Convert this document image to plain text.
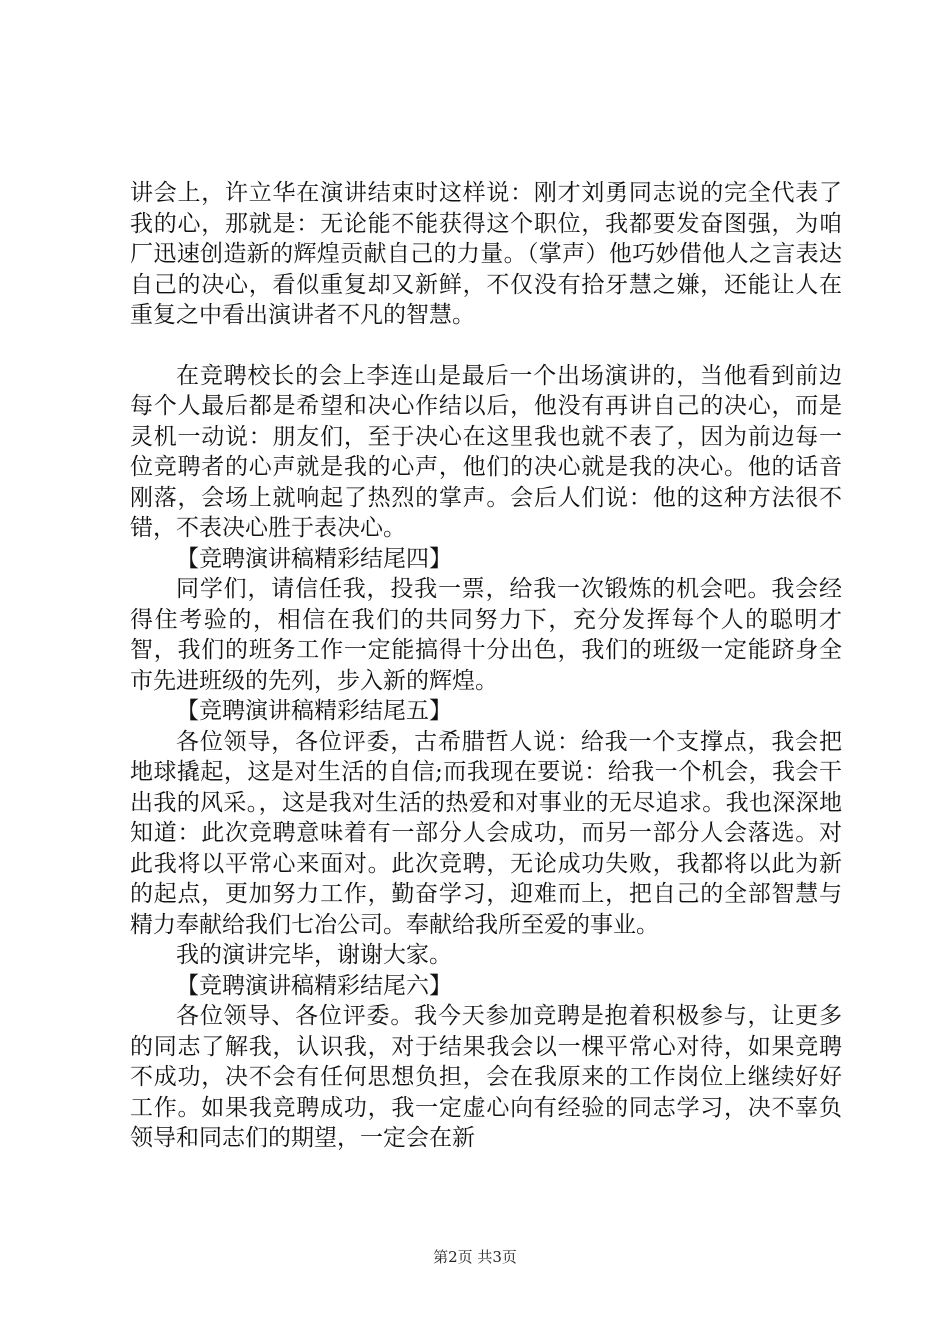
讲会上，许立华在演讲结束时这样说：刚才刘勇同志说的完全代表了我的心，那就是：无论能不能获得这个职位，我都要发奋图强，为咱厂迅速创造新的辉煌贡献自己的力量。（掌声）他巧妙借他人之言表达自己的决心，看似重复却又新鲜，不仅没有拾牙慧之嫌，还能让人在重复之中看出演讲者不凡的智慧。

在竞聘校长的会上李连山是最后一个出场演讲的，当他看到前边每个人最后都是希望和决心作结以后，他没有再讲自己的决心，而是灵机一动说：朋友们，至于决心在这里我也就不表了，因为前边每一位竞聘者的心声就是我的心声，他们的决心就是我的决心。他的话音刚落，会场上就响起了热烈的掌声。会后人们说：他的这种方法很不错，不表决心胜于表决心。

【竞聘演讲稿精彩结尾四】

同学们，请信任我，投我一票，给我一次锻炼的机会吧。我会经得住考验的，相信在我们的共同努力下，充分发挥每个人的聪明才智，我们的班务工作一定能搞得十分出色，我们的班级一定能跻身全市先进班级的先列，步入新的辉煌。

【竞聘演讲稿精彩结尾五】

各位领导，各位评委，古希腊哲人说：给我一个支撑点，我会把地球撬起，这是对生活的自信;而我现在要说：给我一个机会，我会干出我的风采。，这是我对生活的热爱和对事业的无尽追求。我也深深地知道：此次竞聘意味着有一部分人会成功，而另一部分人会落选。对此我将以平常心来面对。此次竞聘，无论成功失败，我都将以此为新的起点，更加努力工作，勤奋学习，迎难而上，把自己的全部智慧与精力奉献给我们七冶公司。奉献给我所至爱的事业。

我的演讲完毕，谢谢大家。

【竞聘演讲稿精彩结尾六】

各位领导、各位评委。我今天参加竞聘是抱着积极参与，让更多的同志了解我，认识我，对于结果我会以一棵平常心对待，如果竞聘不成功，决不会有任何思想负担，会在我原来的工作岗位上继续好好工作。如果我竞聘成功，我一定虚心向有经验的同志学习，决不辜负领导和同志们的期望，一定会在新

第2页 共3页
